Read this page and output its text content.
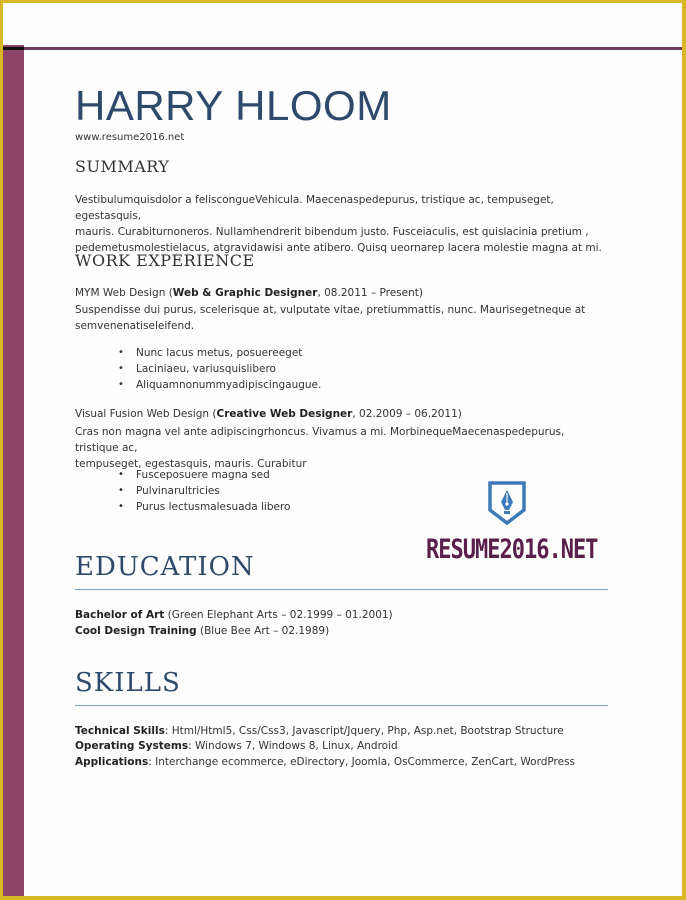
HARRY HLOOM
www.resume2016.net
SUMMARY
Vestibulumquisdolor a feliscongueVehicula. Maecenaspedepurus, tristique ac, tempuseget, egestasquis,
mauris. Curabiturnoneros. Nullamhendrerit bibendum justo. Fusceiaculis, est quislacinia pretium ,
pedemetusmolestielacus, atgravidawisi ante atibero. Quisq ueornarep lacera molestie magna at mi.
WORK EXPERIENCE
MYM Web Design (Web & Graphic Designer, 08.2011 – Present)
Suspendisse dui purus, scelerisque at, vulputate vitae, pretiummattis, nunc. Maurisegetneque at
semvenenatiseleifend.
• Nunc lacus metus, posuereeget
• Laciniaeu, variusquislibero
• Aliquamnonummyadipiscingaugue.
Visual Fusion Web Design (Creative Web Designer, 02.2009 – 06.2011)
Cras non magna vel ante adipiscingrhoncus. Vivamus a mi. MorbinequeMaecenaspedepurus, tristique ac,
tempuseget, egestasquis, mauris. Curabitur
• Fusceposuere magna sed
• Pulvinarultricies
• Purus lectusmalesuada libero
RESUME2016.NET
EDUCATION
Bachelor of Art (Green Elephant Arts – 02.1999 – 01.2001)
Cool Design Training (Blue Bee Art – 02.1989)
SKILLS
Technical Skills: Html/Html5, Css/Css3, Javascript/Jquery, Php, Asp.net, Bootstrap Structure
Operating Systems: Windows 7, Windows 8, Linux, Android
Applications: Interchange ecommerce, eDirectory, Joomla, OsCommerce, ZenCart, WordPress
